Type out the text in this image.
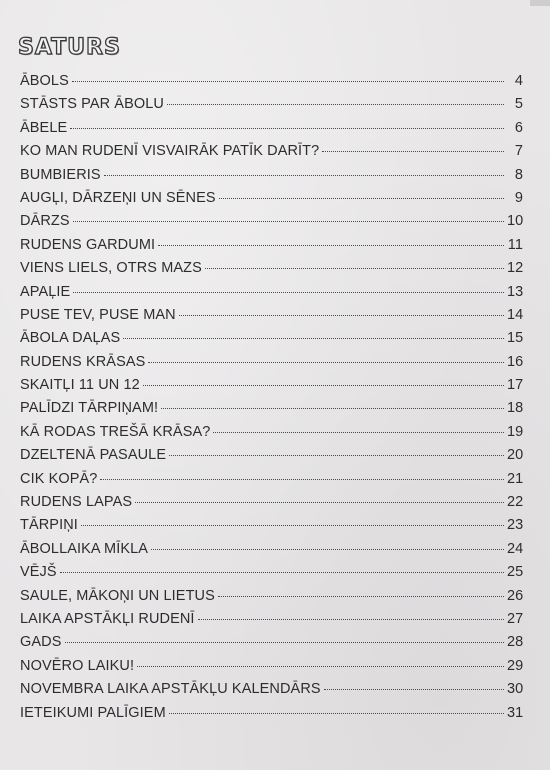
SATURS
ĀBOLS	4
STĀSTS PAR ĀBOLU	5
ĀBELE	6
KO MAN RUDENĪ VISVAIRĀK PATĪK DARĪT?	7
BUMBIERIS	8
AUGĻI, DĀRZEŅI UN SĒNES	9
DĀRZS	10
RUDENS GARDUMI	11
VIENS LIELS, OTRS MAZS	12
APAĻIE	13
PUSE TEV, PUSE MAN	14
ĀBOLA DAĻAS	15
RUDENS KRĀSAS	16
SKAITĻI 11 UN 12	17
PALĪDZI TĀRPIŅAM!	18
KĀ RODAS TREŠĀ KRĀSA?	19
DZELTENĀ PASAULE	20
CIK KOPĀ?	21
RUDENS LAPAS	22
TĀRPIŅI	23
ĀBOLLAIKA MĪKLA	24
VĒJŠ	25
SAULE, MĀKOŅI UN LIETUS	26
LAIKA APSTĀKĻI RUDENĪ	27
GADS	28
NOVĒRO LAIKU!	29
NOVEMBRA LAIKA APSTĀKĻU KALENDĀRS	30
IETEIKUMI PALĪGIEM	31
